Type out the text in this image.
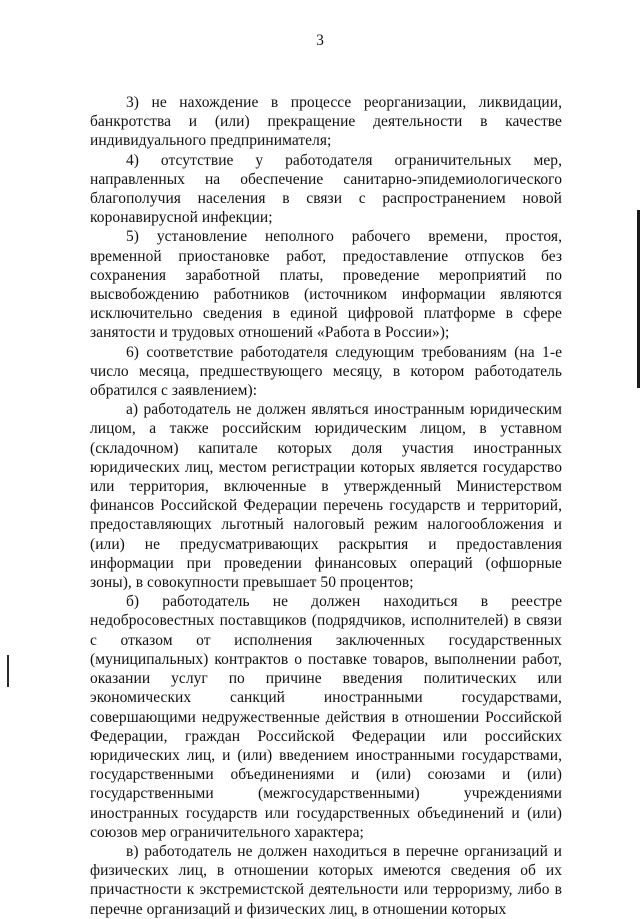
3

3) не нахождение в процессе реорганизации, ликвидации, банкротства и (или) прекращение деятельности в качестве индивидуального предпринимателя;

4) отсутствие у работодателя ограничительных мер, направленных на обеспечение санитарно-эпидемиологического благополучия населения в связи с распространением новой коронавирусной инфекции;

5) установление неполного рабочего времени, простоя, временной приостановке работ, предоставление отпусков без сохранения заработной платы, проведение мероприятий по высвобождению работников (источником информации являются исключительно сведения в единой цифровой платформе в сфере занятости и трудовых отношений «Работа в России»);

6) соответствие работодателя следующим требованиям (на 1-е число месяца, предшествующего месяцу, в котором работодатель обратился с заявлением):

а) работодатель не должен являться иностранным юридическим лицом, а также российским юридическим лицом, в уставном (складочном) капитале которых доля участия иностранных юридических лиц, местом регистрации которых является государство или территория, включенные в утвержденный Министерством финансов Российской Федерации перечень государств и территорий, предоставляющих льготный налоговый режим налогообложения и (или) не предусматривающих раскрытия и предоставления информации при проведении финансовых операций (офшорные зоны), в совокупности превышает 50 процентов;

б) работодатель не должен находиться в реестре недобросовестных поставщиков (подрядчиков, исполнителей) в связи с отказом от исполнения заключенных государственных (муниципальных) контрактов о поставке товаров, выполнении работ, оказании услуг по причине введения политических или экономических санкций иностранными государствами, совершающими недружественные действия в отношении Российской Федерации, граждан Российской Федерации или российских юридических лиц, и (или) введением иностранными государствами, государственными объединениями и (или) союзами и (или) государственными (межгосударственными) учреждениями иностранных государств или государственных объединений и (или) союзов мер ограничительного характера;

в) работодатель не должен находиться в перечне организаций и физических лиц, в отношении которых имеются сведения об их причастности к экстремистской деятельности или терроризму, либо в перечне организаций и физических лиц, в отношении которых
